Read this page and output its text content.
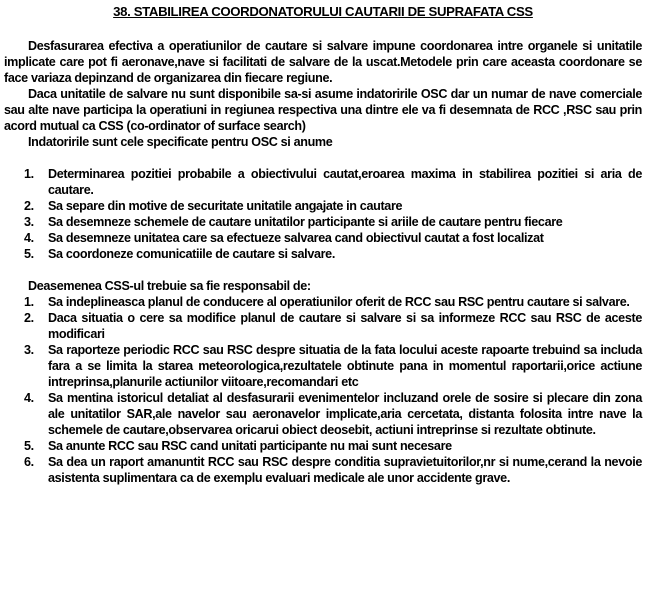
38. STABILIREA COORDONATORULUI CAUTARII DE SUPRAFATA CSS

Desfasurarea efectiva a operatiunilor de cautare si salvare impune coordonarea intre organele si unitatile implicate care pot fi aeronave,nave si facilitati de salvare de la uscat.Metodele prin care aceasta coordonare se face variaza depinzand de organizarea din fiecare regiune.

Daca unitatile de salvare nu sunt disponibile sa-si asume indatoririle OSC dar un numar de nave comerciale sau alte nave participa la operatiuni in regiunea respectiva una dintre ele va fi desemnata de RCC ,RSC sau prin acord mutual ca CSS (co-ordinator of surface search)

Indatoririle sunt cele specificate pentru OSC si anume

1. Determinarea pozitiei probabile a obiectivului cautat,eroarea maxima in stabilirea pozitiei si aria de cautare.
2. Sa separe din motive de securitate unitatile angajate in cautare
3. Sa desemneze schemele de cautare unitatilor participante si ariile de cautare pentru fiecare
4. Sa desemneze unitatea care sa efectueze salvarea cand obiectivul cautat a fost localizat
5. Sa coordoneze comunicatiile de cautare si salvare.

Deasemenea CSS-ul trebuie sa fie responsabil de:

1. Sa indeplineasca planul de conducere al operatiunilor oferit de RCC sau RSC pentru cautare si salvare.
2. Daca situatia o cere sa modifice planul de cautare si salvare si sa informeze RCC sau RSC de aceste modificari
3. Sa raporteze periodic RCC sau RSC despre situatia de la fata locului aceste rapoarte trebuind sa includa fara a se limita la starea meteorologica,rezultatele obtinute pana in momentul raportarii,orice actiune intreprinsa,planurile actiunilor viitoare,recomandari etc
4. Sa mentina istoricul detaliat al desfasurarii evenimentelor incluzand orele de sosire si plecare din zona ale unitatilor SAR,ale navelor sau aeronavelor implicate,aria cercetata, distanta folosita intre nave la schemele de cautare,observarea oricarui obiect deosebit, actiuni intreprinse si rezultate obtinute.
5. Sa anunte RCC sau RSC cand unitati participante nu mai sunt necesare
6. Sa dea un raport amanuntit RCC sau RSC despre conditia supravietuitorilor,nr si nume,cerand la nevoie asistenta suplimentara ca de exemplu evaluari medicale ale unor accidente grave.
